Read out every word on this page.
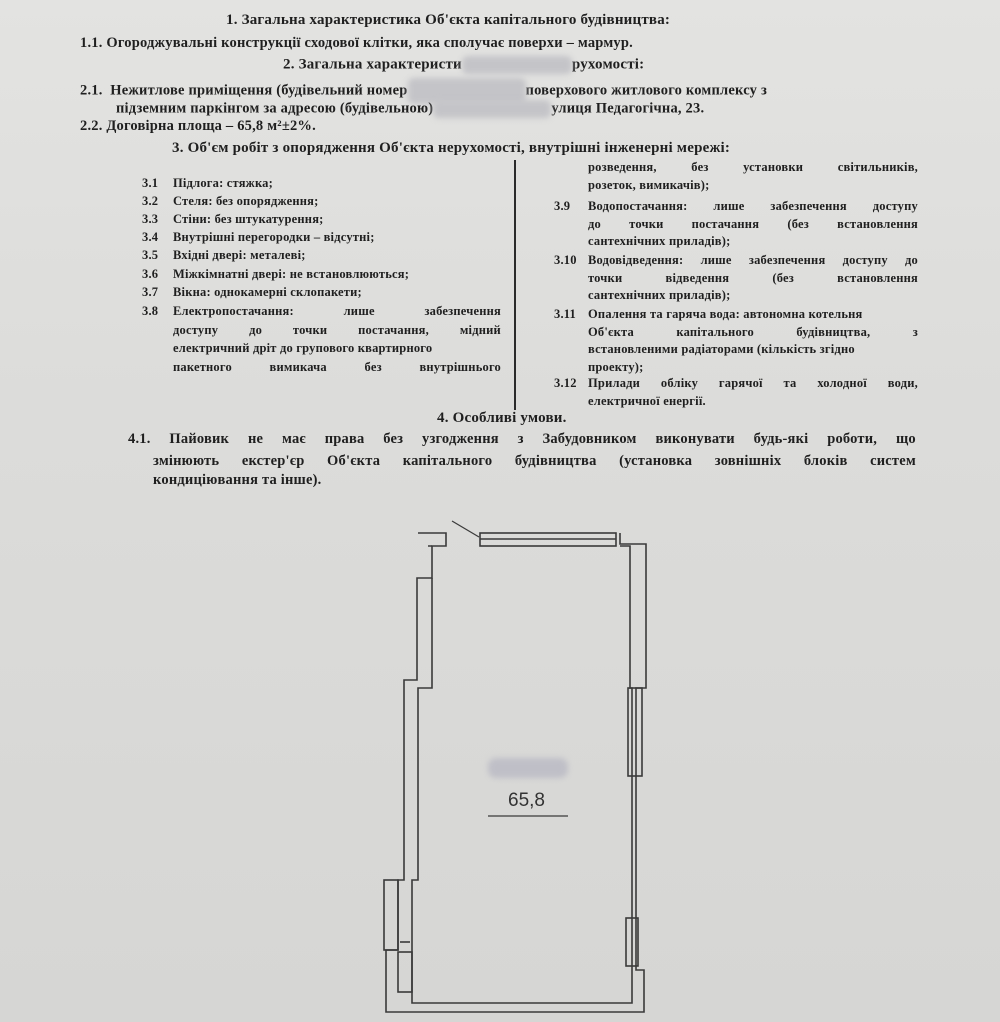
1. Загальна характеристика Об'єкта капітального будівництва:
1.1. Огороджувальні конструкції сходової клітки, яка сполучає поверхи – мармур.
2. Загальна характеристи	рухомості:
2.1. Нежитлове приміщення (будівельний номер	поверхового житлового комплексу з
підземним паркінгом за адресою (будівельною)	улиця Педагогічна, 23.
2.2. Договірна площа – 65,8 м²±2%.
3. Об'єм робіт з опорядження Об'єкта нерухомості, внутрішні інженерні мережі:
3.1 Підлога: стяжка;
3.2 Стеля: без опорядження;
3.3 Стіни: без штукатурення;
3.4 Внутрішні перегородки – відсутні;
3.5 Вхідні двері: металеві;
3.6 Міжкімнатні двері: не встановлюються;
3.7 Вікна: однокамерні склопакети;
3.8 Електропостачання:	лише	забезпечення
доступу до точки постачання, мідний
електричний дріт до групового квартирного
пакетного	вимикача	без	внутрішнього
розведення,	без	установки	світильників,
розеток, вимикачів);
3.9 Водопостачання: лише забезпечення доступу
до точки постачання (без встановлення
сантехнічних приладів);
3.10 Водовідведення: лише забезпечення доступу до
точки	відведення	(без	встановлення
сантехнічних приладів);
3.11 Опалення та гаряча вода: автономна котельня
Об'єкта	капітального	будівництва,	з
встановленими радіаторами (кількість згідно
проекту);
3.12 Прилади обліку гарячої та холодної води,
електричної енергії.
4. Особливі умови.
4.1. Пайовик не має права без узгодження з Забудовником виконувати будь-які роботи, що
змінюють екстер'єр Об'єкта капітального будівництва (установка зовнішніх блоків систем
кондиціювання та інше).
65,8
